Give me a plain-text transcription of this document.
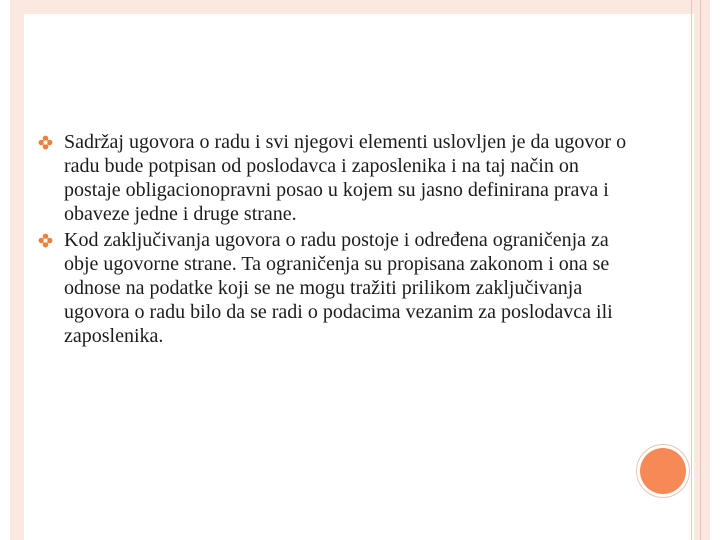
Sadržaj ugovora o radu i svi njegovi elementi uslovljen je da ugovor o radu bude potpisan od poslodavca i zaposlenika i na taj način on postaje obligacionopravni posao u kojem su jasno definirana prava i obaveze jedne i druge strane.
Kod zaključivanja ugovora o radu postoje i određena ograničenja za obje ugovorne strane. Ta ograničenja su propisana zakonom i ona se odnose na podatke koji se ne mogu tražiti prilikom zaključivanja ugovora o radu bilo da se radi o podacima vezanim za poslodavca ili zaposlenika.
